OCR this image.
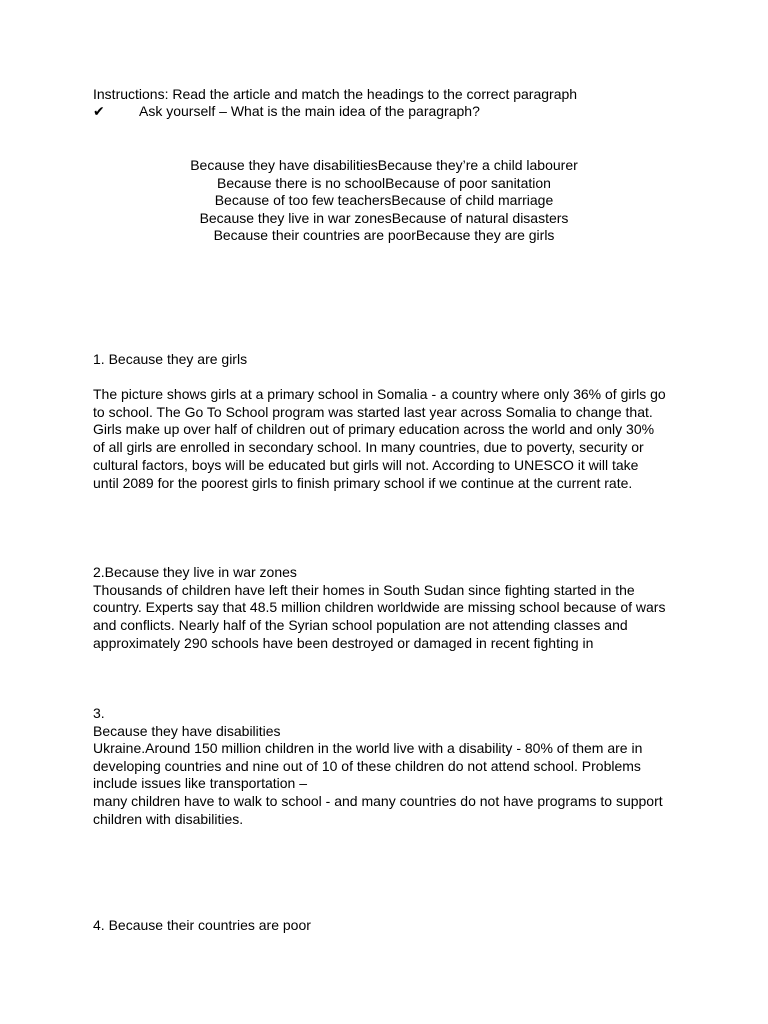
Instructions: Read the article and match the headings to the correct paragraph
✔ Ask yourself – What is the main idea of the paragraph?
Because they have disabilitiesBecause they’re a child labourer
Because there is no schoolBecause of poor sanitation
Because of too few teachersBecause of child marriage
Because they live in war zonesBecause of natural disasters
Because their countries are poorBecause they are girls
1. Because they are girls

The picture shows girls at a primary school in Somalia - a country where only 36% of girls go

to school. The Go To School program was started last year across Somalia to change that.

Girls make up over half of children out of primary education across the world and only 30%

of all girls are enrolled in secondary school. In many countries, due to poverty, security or

cultural factors, boys will be educated but girls will not. According to UNESCO it will take

until 2089 for the poorest girls to finish primary school if we continue at the current rate.

2.Because they live in war zones

Thousands of children have left their homes in South Sudan since fighting started in the

country. Experts say that 48.5 million children worldwide are missing school because of wars

and conflicts. Nearly half of the Syrian school population are not attending classes and

approximately 290 schools have been destroyed or damaged in recent fighting in

3.
Because they have disabilities

Ukraine.Around 150 million children in the world live with a disability - 80% of them are in

developing countries and nine out of 10 of these children do not attend school. Problems

include issues like transportation –

many children have to walk to school - and many countries do not have programs to support

children with disabilities.

4. Because their countries are poor
